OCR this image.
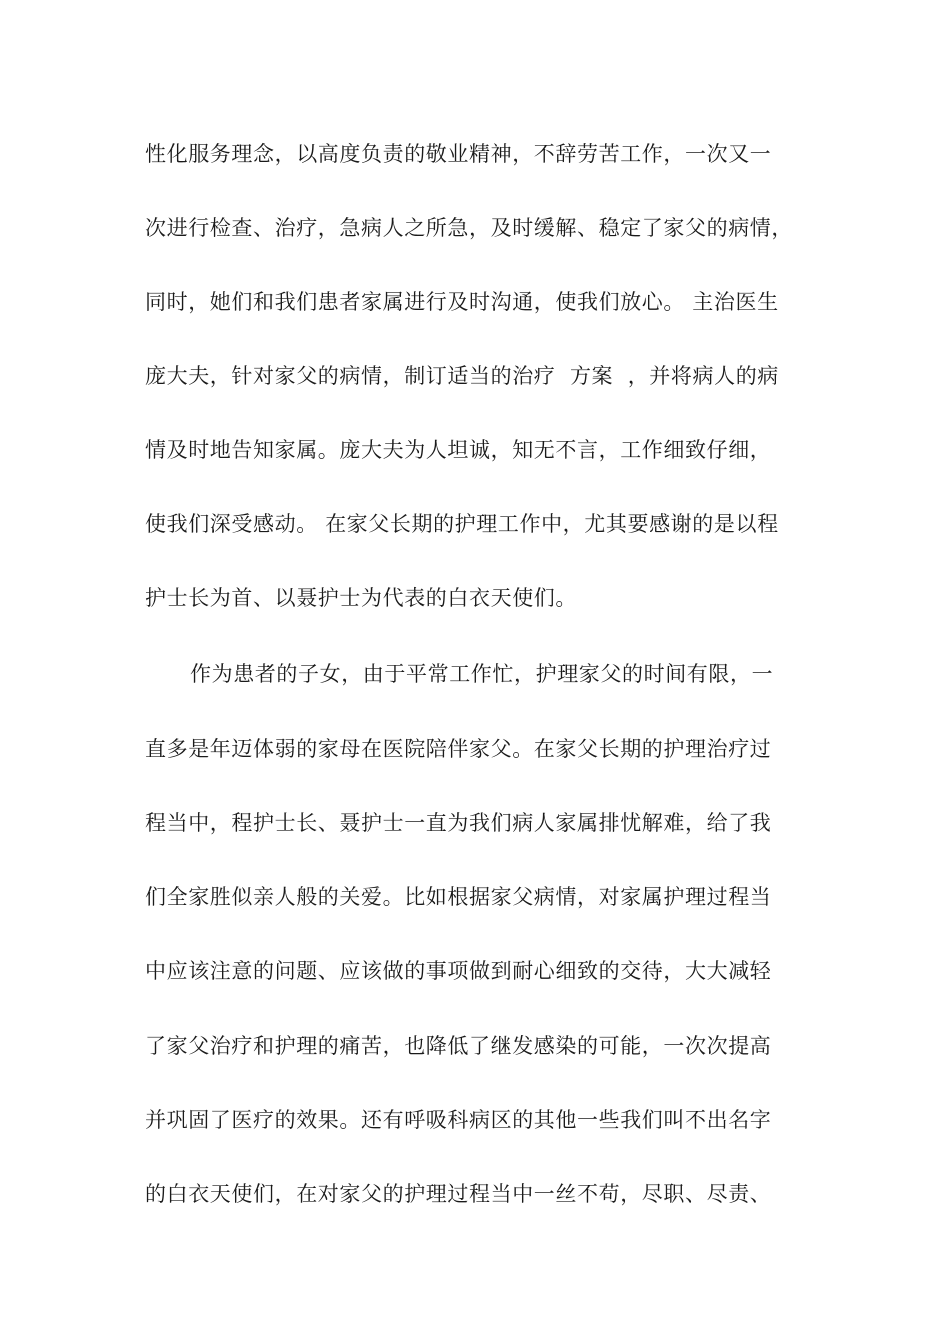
性化服务理念，以高度负责的敬业精神，不辞劳苦工作，一次又一
次进行检查、治疗，急病人之所急，及时缓解、稳定了家父的病情，
同时，她们和我们患者家属进行及时沟通，使我们放心。 主治医生
庞大夫，针对家父的病情，制订适当的治疗  方案  ，并将病人的病
情及时地告知家属。庞大夫为人坦诚，知无不言，工作细致仔细，
使我们深受感动。 在家父长期的护理工作中，尤其要感谢的是以程
护士长为首、以聂护士为代表的白衣天使们。
作为患者的子女，由于平常工作忙，护理家父的时间有限，一
直多是年迈体弱的家母在医院陪伴家父。在家父长期的护理治疗过
程当中，程护士长、聂护士一直为我们病人家属排忧解难，给了我
们全家胜似亲人般的关爱。比如根据家父病情，对家属护理过程当
中应该注意的问题、应该做的事项做到耐心细致的交待，大大减轻
了家父治疗和护理的痛苦，也降低了继发感染的可能，一次次提高
并巩固了医疗的效果。还有呼吸科病区的其他一些我们叫不出名字
的白衣天使们，在对家父的护理过程当中一丝不苟，尽职、尽责、
